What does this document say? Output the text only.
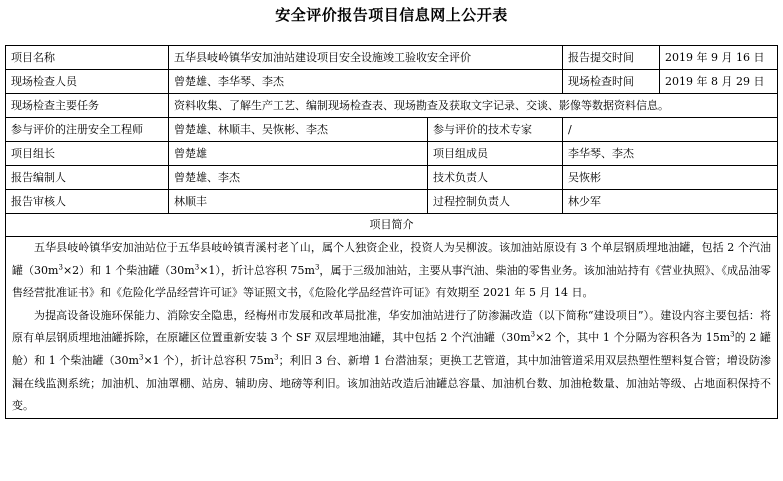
安全评价报告项目信息网上公开表
项目名称	五华县岐岭镇华安加油站建设项目安全设施竣工验收安全评价		报告提交时间	2019 年 9 月 16 日
现场检查人员	曾楚雄、李华琴、李杰		现场检查时间	2019 年 8 月 29 日
现场检查主要任务	资料收集、了解生产工艺、编制现场检查表、现场勘查及获取文字记录、交谈、影像等数据资料信息。			
参与评价的注册安全工程师	曾楚雄、林顺丰、吴恢彬、李杰	参与评价的技术专家	/	
项目组长	曾楚雄	项目组成员	李华琴、李杰	
报告编制人	曾楚雄、李杰	技术负责人	吴恢彬	
报告审核人	林顺丰	过程控制负责人	林少军	
项目简介				

五华县岐岭镇华安加油站位于五华县岐岭镇青溪村老丫山，属个人独资企业，投资人为吴柳波。该加油站原设有 3 个单层钢质埋地油罐，包括 2 个汽油罐$(30m^3\times 2)$和 1 个柴油罐$(30m^3\times 1)$，折计总容积 $75m^3$，属于三级加油站，主要从事汽油、柴油的零售业务。该加油站持有《营业执照》、《成品油零售经营批准证书》和《危险化学品经营许可证》等证照文书，《危险化学品经营许可证》有效期至 2021 年 5 月 14 日。
为提高设备设施环保能力、消除安全隐患，经梅州市发展和改革局批准，华安加油站进行了防渗漏改造（以下简称“建设项目”）。建设内容主要包括：将原有单层钢质埋地油罐拆除，在原罐区位置重新安装 3 个 SF 双层埋地油罐，其中包括 2 个汽油罐（$30m^3\times 2$ 个，其中 1 个分隔为容积各为 $15m^3$的 2 罐舱）和 1 个柴油罐（$30m^3\times 1$ 个），折计总容积 $75m^3$；利旧 3 台、新增 1 台潜油泵；更换工艺管道，其中加油管道采用双层热塑性塑料复合管；增设防渗漏在线监测系统；加油机、加油罩棚、站房、辅助房、地磅等利旧。该加油站改造后油罐总容量、加油机台数、加油枪数量、加油站等级、占地面积保持不变。				
